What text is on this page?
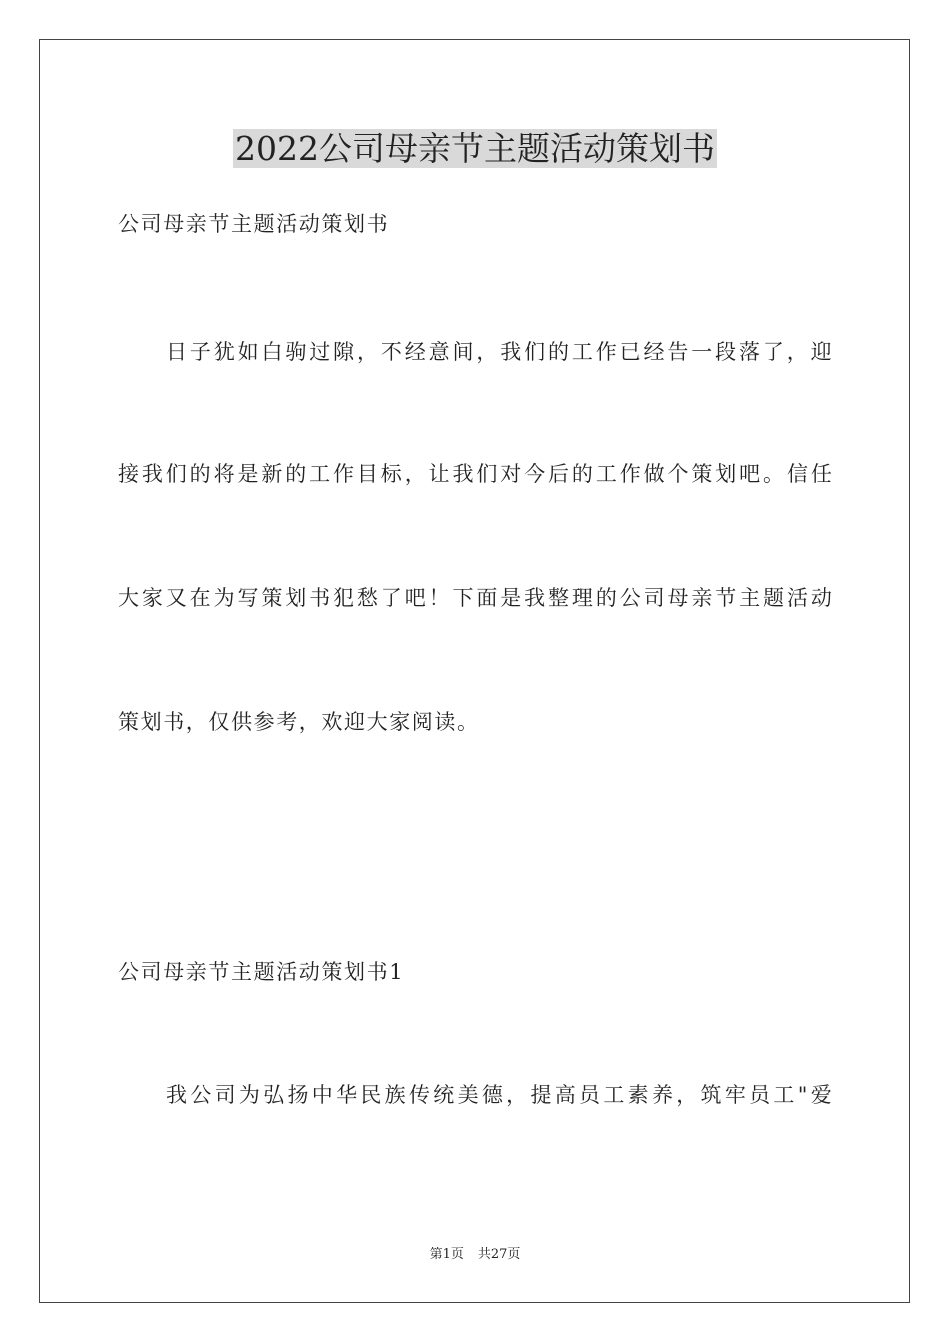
2022公司母亲节主题活动策划书

公司母亲节主题活动策划书

日 子 犹 如 白 驹 过 隙 ， 不 经 意 间 ， 我 们 的 工 作 已 经 告 一 段 落 了 ， 迎

接 我 们 的 将 是 新 的 工 作 目 标 ， 让 我 们 对 今 后 的 工 作 做 个 策 划 吧 。 信 任

大 家 又 在 为 写 策 划 书 犯 愁 了 吧 ！ 下 面 是 我 整 理 的 公 司 母 亲 节 主 题 活 动

策划书，仅供参考，欢迎大家阅读。

公司母亲节主题活动策划书1

我 公 司 为 弘 扬 中 华 民 族 传 统 美 德 ， 提 高 员 工 素 养 ， 筑 牢 员 工 " 爱

第1页 共27页
